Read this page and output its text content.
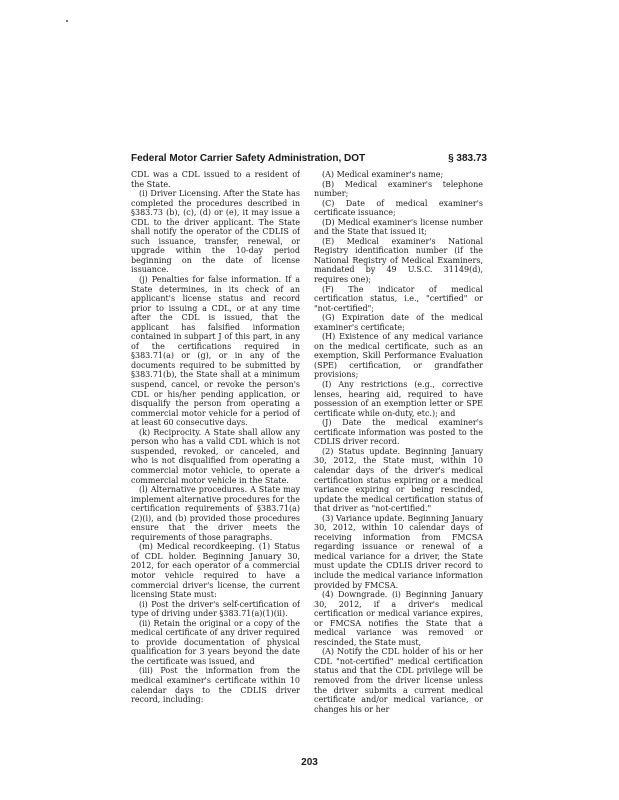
Federal Motor Carrier Safety Administration, DOT	§ 383.73

CDL was a CDL issued to a resident of the State.

(i) Driver Licensing. After the State has completed the procedures described in §383.73 (b), (c), (d) or (e), it may issue a CDL to the driver applicant. The State shall notify the operator of the CDLIS of such issuance, transfer, renewal, or upgrade within the 10-day period beginning on the date of license issuance.

(j) Penalties for false information. If a State determines, in its check of an applicant's license status and record prior to issuing a CDL, or at any time after the CDL is issued, that the applicant has falsified information contained in subpart J of this part, in any of the certifications required in §383.71(a) or (g), or in any of the documents required to be submitted by §383.71(b), the State shall at a minimum suspend, cancel, or revoke the person's CDL or his/her pending application, or disqualify the person from operating a commercial motor vehicle for a period of at least 60 consecutive days.

(k) Reciprocity. A State shall allow any person who has a valid CDL which is not suspended, revoked, or canceled, and who is not disqualified from operating a commercial motor vehicle, to operate a commercial motor vehicle in the State.

(l) Alternative procedures. A State may implement alternative procedures for the certification requirements of §383.71(a)(2)(i), and (b) provided those procedures ensure that the driver meets the requirements of those paragraphs.

(m) Medical recordkeeping. (1) Status of CDL holder. Beginning January 30, 2012, for each operator of a commercial motor vehicle required to have a commercial driver's license, the current licensing State must:

(i) Post the driver's self-certification of type of driving under §383.71(a)(1)(ii).

(ii) Retain the original or a copy of the medical certificate of any driver required to provide documentation of physical qualification for 3 years beyond the date the certificate was issued, and

(iii) Post the information from the medical examiner's certificate within 10 calendar days to the CDLIS driver record, including:

(A) Medical examiner's name;

(B) Medical examiner's telephone number;

(C) Date of medical examiner's certificate issuance;

(D) Medical examiner's license number and the State that issued it;

(E) Medical examiner's National Registry identification number (if the National Registry of Medical Examiners, mandated by 49 U.S.C. 31149(d), requires one);

(F) The indicator of medical certification status, i.e., "certified" or "not-certified";

(G) Expiration date of the medical examiner's certificate;

(H) Existence of any medical variance on the medical certificate, such as an exemption, Skill Performance Evaluation (SPE) certification, or grandfather provisions;

(I) Any restrictions (e.g., corrective lenses, hearing aid, required to have possession of an exemption letter or SPE certificate while on-duty, etc.); and

(J) Date the medical examiner's certificate information was posted to the CDLIS driver record.

(2) Status update. Beginning January 30, 2012, the State must, within 10 calendar days of the driver's medical certification status expiring or a medical variance expiring or being rescinded, update the medical certification status of that driver as "not-certified."

(3) Variance update. Beginning January 30, 2012, within 10 calendar days of receiving information from FMCSA regarding issuance or renewal of a medical variance for a driver, the State must update the CDLIS driver record to include the medical variance information provided by FMCSA.

(4) Downgrade. (i) Beginning January 30, 2012, if a driver's medical certification or medical variance expires, or FMCSA notifies the State that a medical variance was removed or rescinded, the State must,

(A) Notify the CDL holder of his or her CDL "not-certified" medical certification status and that the CDL privilege will be removed from the driver license unless the driver submits a current medical certificate and/or medical variance, or changes his or her

203
